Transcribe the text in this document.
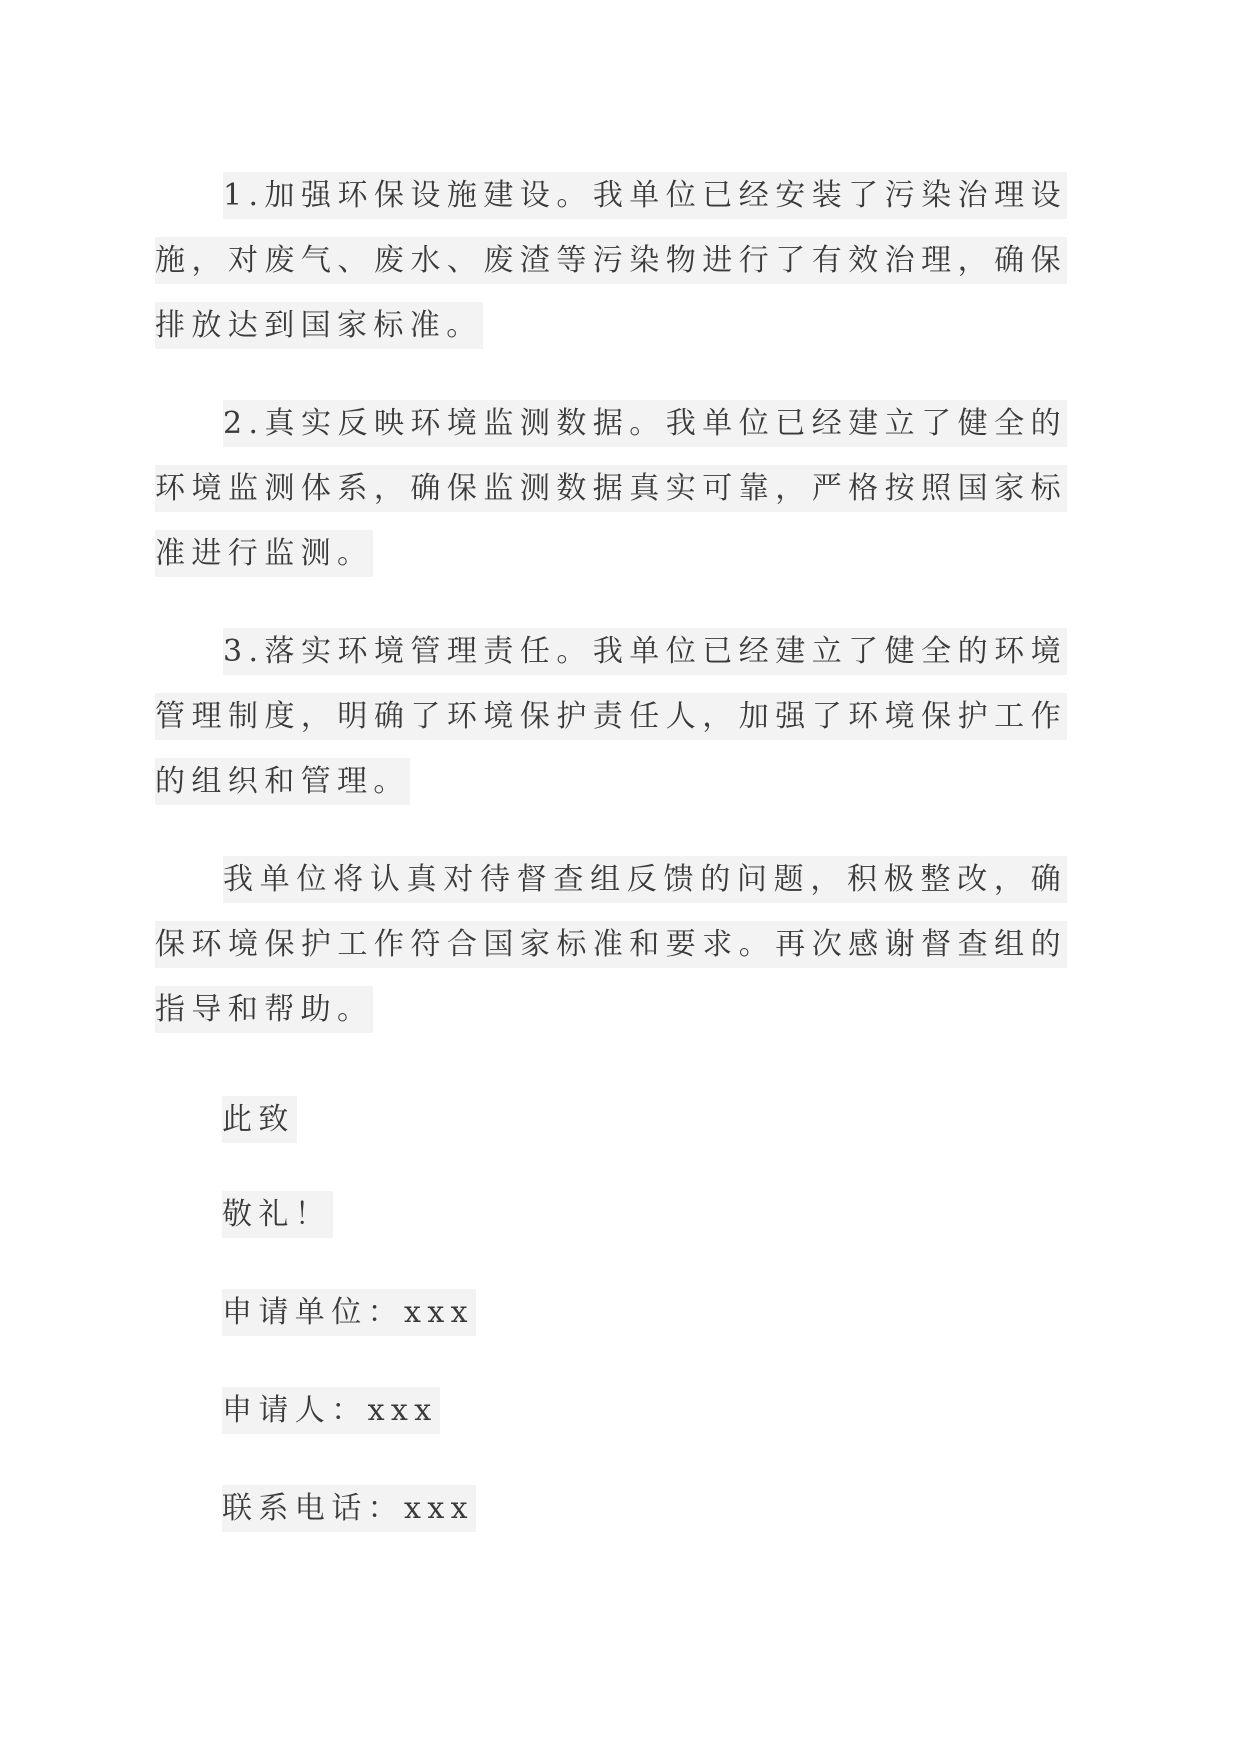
1.加强环保设施建设。我单位已经安装了污染治理设施，对废气、废水、废渣等污染物进行了有效治理，确保排放达到国家标准。

2.真实反映环境监测数据。我单位已经建立了健全的环境监测体系，确保监测数据真实可靠，严格按照国家标准进行监测。

3.落实环境管理责任。我单位已经建立了健全的环境管理制度，明确了环境保护责任人，加强了环境保护工作的组织和管理。

我单位将认真对待督查组反馈的问题，积极整改，确保环境保护工作符合国家标准和要求。再次感谢督查组的指导和帮助。

此致

敬礼！

申请单位：xxx

申请人：xxx

联系电话：xxx
